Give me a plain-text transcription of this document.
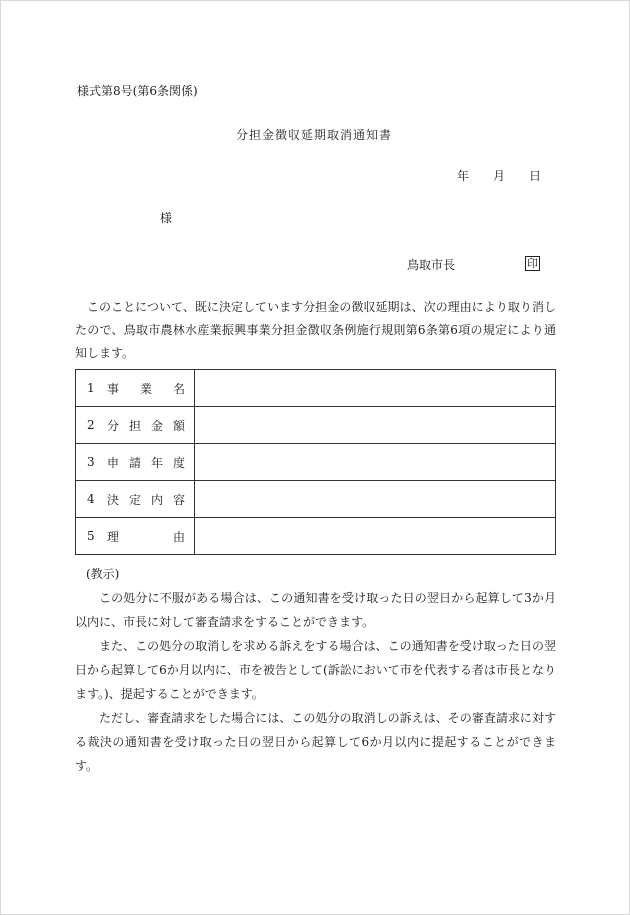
様式第8号(第6条関係)
分担金徴収延期取消通知書
年 月 日
様
鳥取市長	印
このことについて、既に決定しています分担金の徴収延期は、次の理由により取り消したので、鳥取市農林水産業振興事業分担金徴収条例施行規則第6条第6項の規定により通知します。
1 事 業 名	

2 分 担 金 額	

3 申 請 年 度	

4 決 定 内 容	

5 理 由	

(教示)
この処分に不服がある場合は、この通知書を受け取った日の翌日から起算して3か月以内に、市長に対して審査請求をすることができます。
また、この処分の取消しを求める訴えをする場合は、この通知書を受け取った日の翌日から起算して6か月以内に、市を被告として(訴訟において市を代表する者は市長となります。)、提起することができます。
ただし、審査請求をした場合には、この処分の取消しの訴えは、その審査請求に対する裁決の通知書を受け取った日の翌日から起算して6か月以内に提起することができます。
